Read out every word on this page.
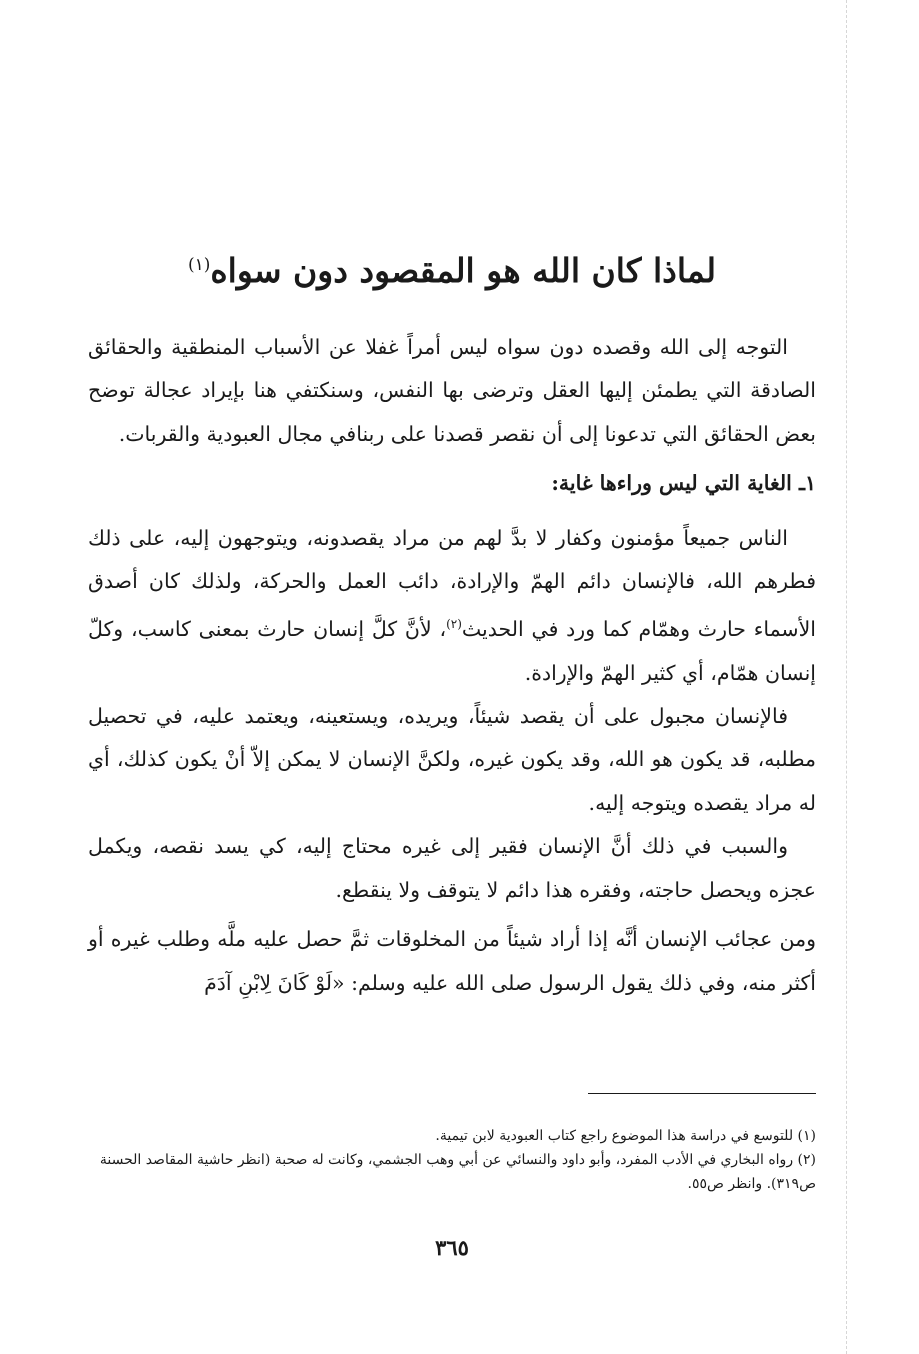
لماذا كان الله هو المقصود دون سواه$^{(١)}$

التوجه إلى الله وقصده دون سواه ليس أمراً غفلا عن الأسباب المنطقية والحقائق الصادقة التي يطمئن إليها العقل وترضى بها النفس، وسنكتفي هنا بإيراد عجالة توضح بعض الحقائق التي تدعونا إلى أن نقصر قصدنا على ربنافي مجال العبودية والقربات.

١ـ الغاية التي ليس وراءها غاية:

الناس جميعاً مؤمنون وكفار لا بدَّ لهم من مراد يقصدونه، ويتوجهون إليه، على ذلك فطرهم الله، فالإنسان دائم الهمّ والإرادة، دائب العمل والحركة، ولذلك كان أصدق الأسماء حارث وهمّام كما ورد في الحديث$^{(٢)}$، لأنَّ كلَّ إنسان حارث بمعنى كاسب، وكلّ إنسان همّام، أي كثير الهمّ والإرادة.

فالإنسان مجبول على أن يقصد شيئاً، ويريده، ويستعينه، ويعتمد عليه، في تحصيل مطلبه، قد يكون هو الله، وقد يكون غيره، ولكنَّ الإنسان لا يمكن إلاّ أنْ يكون كذلك، أي له مراد يقصده ويتوجه إليه.

والسبب في ذلك أنَّ الإنسان فقير إلى غيره محتاج إليه، كي يسد نقصه، ويكمل عجزه ويحصل حاجته، وفقره هذا دائم لا يتوقف ولا ينقطع.

ومن عجائب الإنسان أنَّه إذا أراد شيئاً من المخلوقات ثمَّ حصل عليه ملَّه وطلب غيره أو أكثر منه، وفي ذلك يقول الرسول صلى الله عليه وسلم: «لَوْ كَانَ لِابْنِ آدَمَ

(١) للتوسع في دراسة هذا الموضوع راجع كتاب العبودية لابن تيمية.

(٢) رواه البخاري في الأدب المفرد، وأبو داود والنسائي عن أبي وهب الجشمي، وكانت له صحبة (انظر حاشية المقاصد الحسنة ص٣١٩). وانظر ص٥٥.

٣٦٥
